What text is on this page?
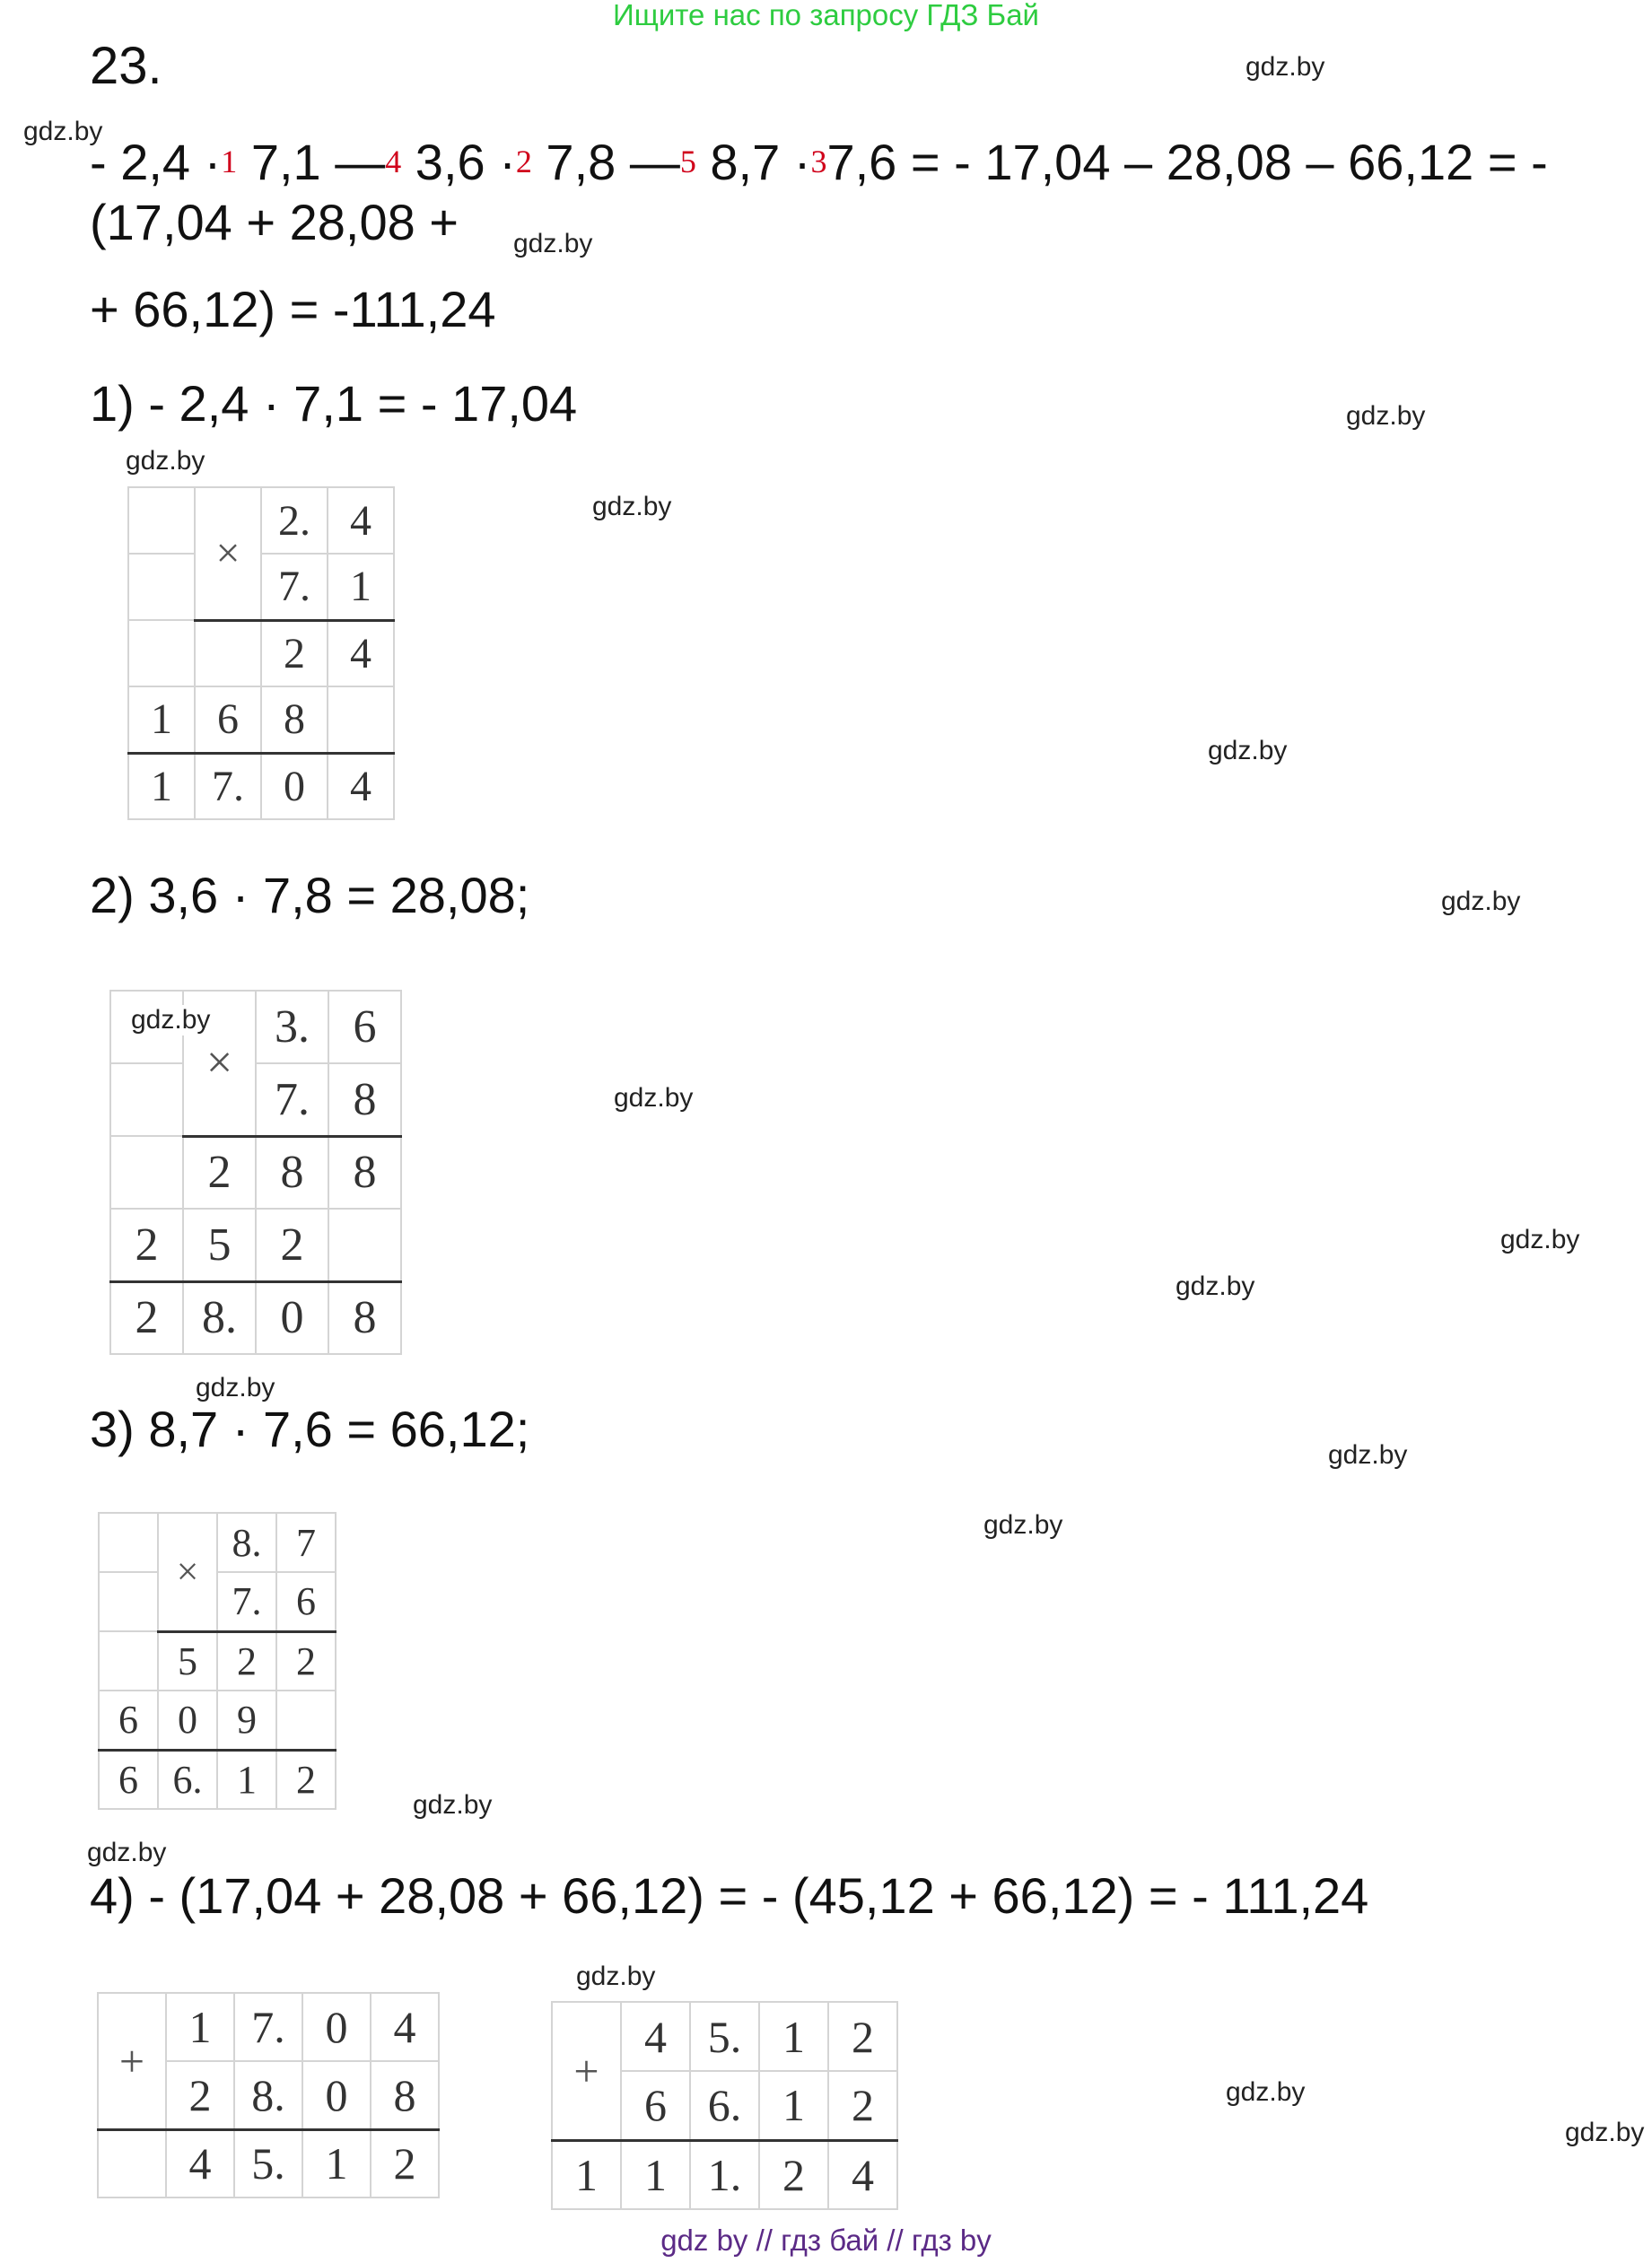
Ищите нас по запросу ГДЗ Бай
23.
- 2,4 ·$^1$ 7,1 —$^4$ 3,6 ·$^2$ 7,8 —$^5$ 8,7 ·$^3$7,6 = - 17,04 – 28,08 – 66,12 = -
(17,04 + 28,08 +
+ 66,12) = -111,24
1) - 2,4 · 7,1 = - 17,04
2) 3,6 · 7,8 = 28,08;
3) 8,7 · 7,6 = 66,12;
4) - (17,04 + 28,08 + 66,12) = - (45,12 + 66,12) = - 111,24
	×	2.	4
		7.	1
		2	4
1	6	8	
1	7.	0	4
	×	3.	6
		7.	8
	2	8	8
2	5	2	
2	8.	0	8
	×	8.	7
		7.	6
	5	2	2
6	0	9	
6	6.	1	2
+	1	7.	0	4
	2	8.	0	8
	4	5.	1	2
+	4	5.	1	2
	6	6.	1	2
1	1	1.	2	4
gdz.by
gdz.by
gdz.by
gdz.by
gdz.by
gdz.by
gdz.by
gdz.by
gdz.by
gdz.by
gdz.by
gdz.by
gdz.by
gdz.by
gdz.by
gdz.by
gdz.by
gdz.by
gdz.by
gdz.by
gdz by // гдз бай // гдз by
